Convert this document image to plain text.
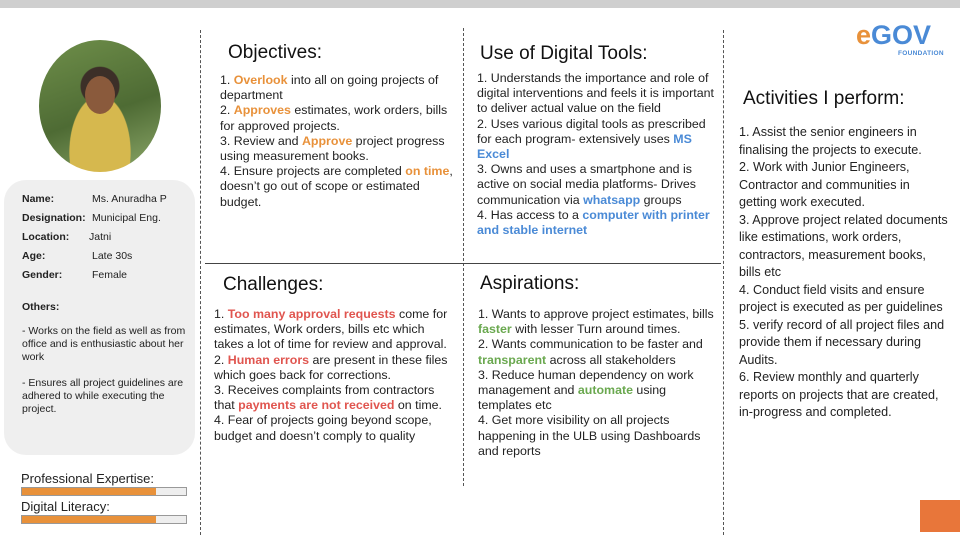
eGOV
FOUNDATION
Name:	Ms. Anuradha P
Designation: Municipal Eng.
Location: Jatni
Age:	Late 30s
Gender:	Female
Others:
- Works on the field as well as from office and is enthusiastic about her work
- Ensures all project guidelines are adhered to while executing the project.
Professional Expertise:
Digital Literacy:
Objectives:

1. Overlook into all on going projects of department

2. Approves estimates, work orders, bills for approved projects.

3. Review and Approve project progress using measurement books.

4. Ensure projects are completed on time, doesn’t go out of scope or estimated budget.

Use of Digital Tools:

1. Understands the importance and role of digital interventions and feels it is important to deliver actual value on the field

2. Uses various digital tools as prescribed for each program- extensively uses MS Excel

3. Owns and uses a smartphone and is active on social media platforms- Drives communication via whatsapp groups

4. Has access to a computer with printer and stable internet

Activities I perform:

1. Assist the senior engineers in finalising the projects to execute.

2. Work with Junior Engineers, Contractor and communities in getting work executed.

3. Approve project related documents like estimations, work orders, contractors, measurement books, bills etc

4. Conduct field visits and ensure project is executed as per guidelines

5. verify record of all project files and provide them if necessary during Audits.

6. Review monthly and quarterly reports on projects that are created, in-progress and completed.

Challenges:

1. Too many approval requests come for estimates, Work orders, bills etc which takes a lot of time for review and approval.

2. Human errors are present in these files which goes back for corrections.

3. Receives complaints from contractors that payments are not received on time.

4. Fear of projects going beyond scope, budget and doesn’t comply to quality

Aspirations:

1. Wants to approve project estimates, bills faster with lesser Turn around times.

2. Wants communication to be faster and transparent across all stakeholders

3. Reduce human dependency on work management and automate using templates etc

4. Get more visibility on all projects happening in the ULB using Dashboards and reports
